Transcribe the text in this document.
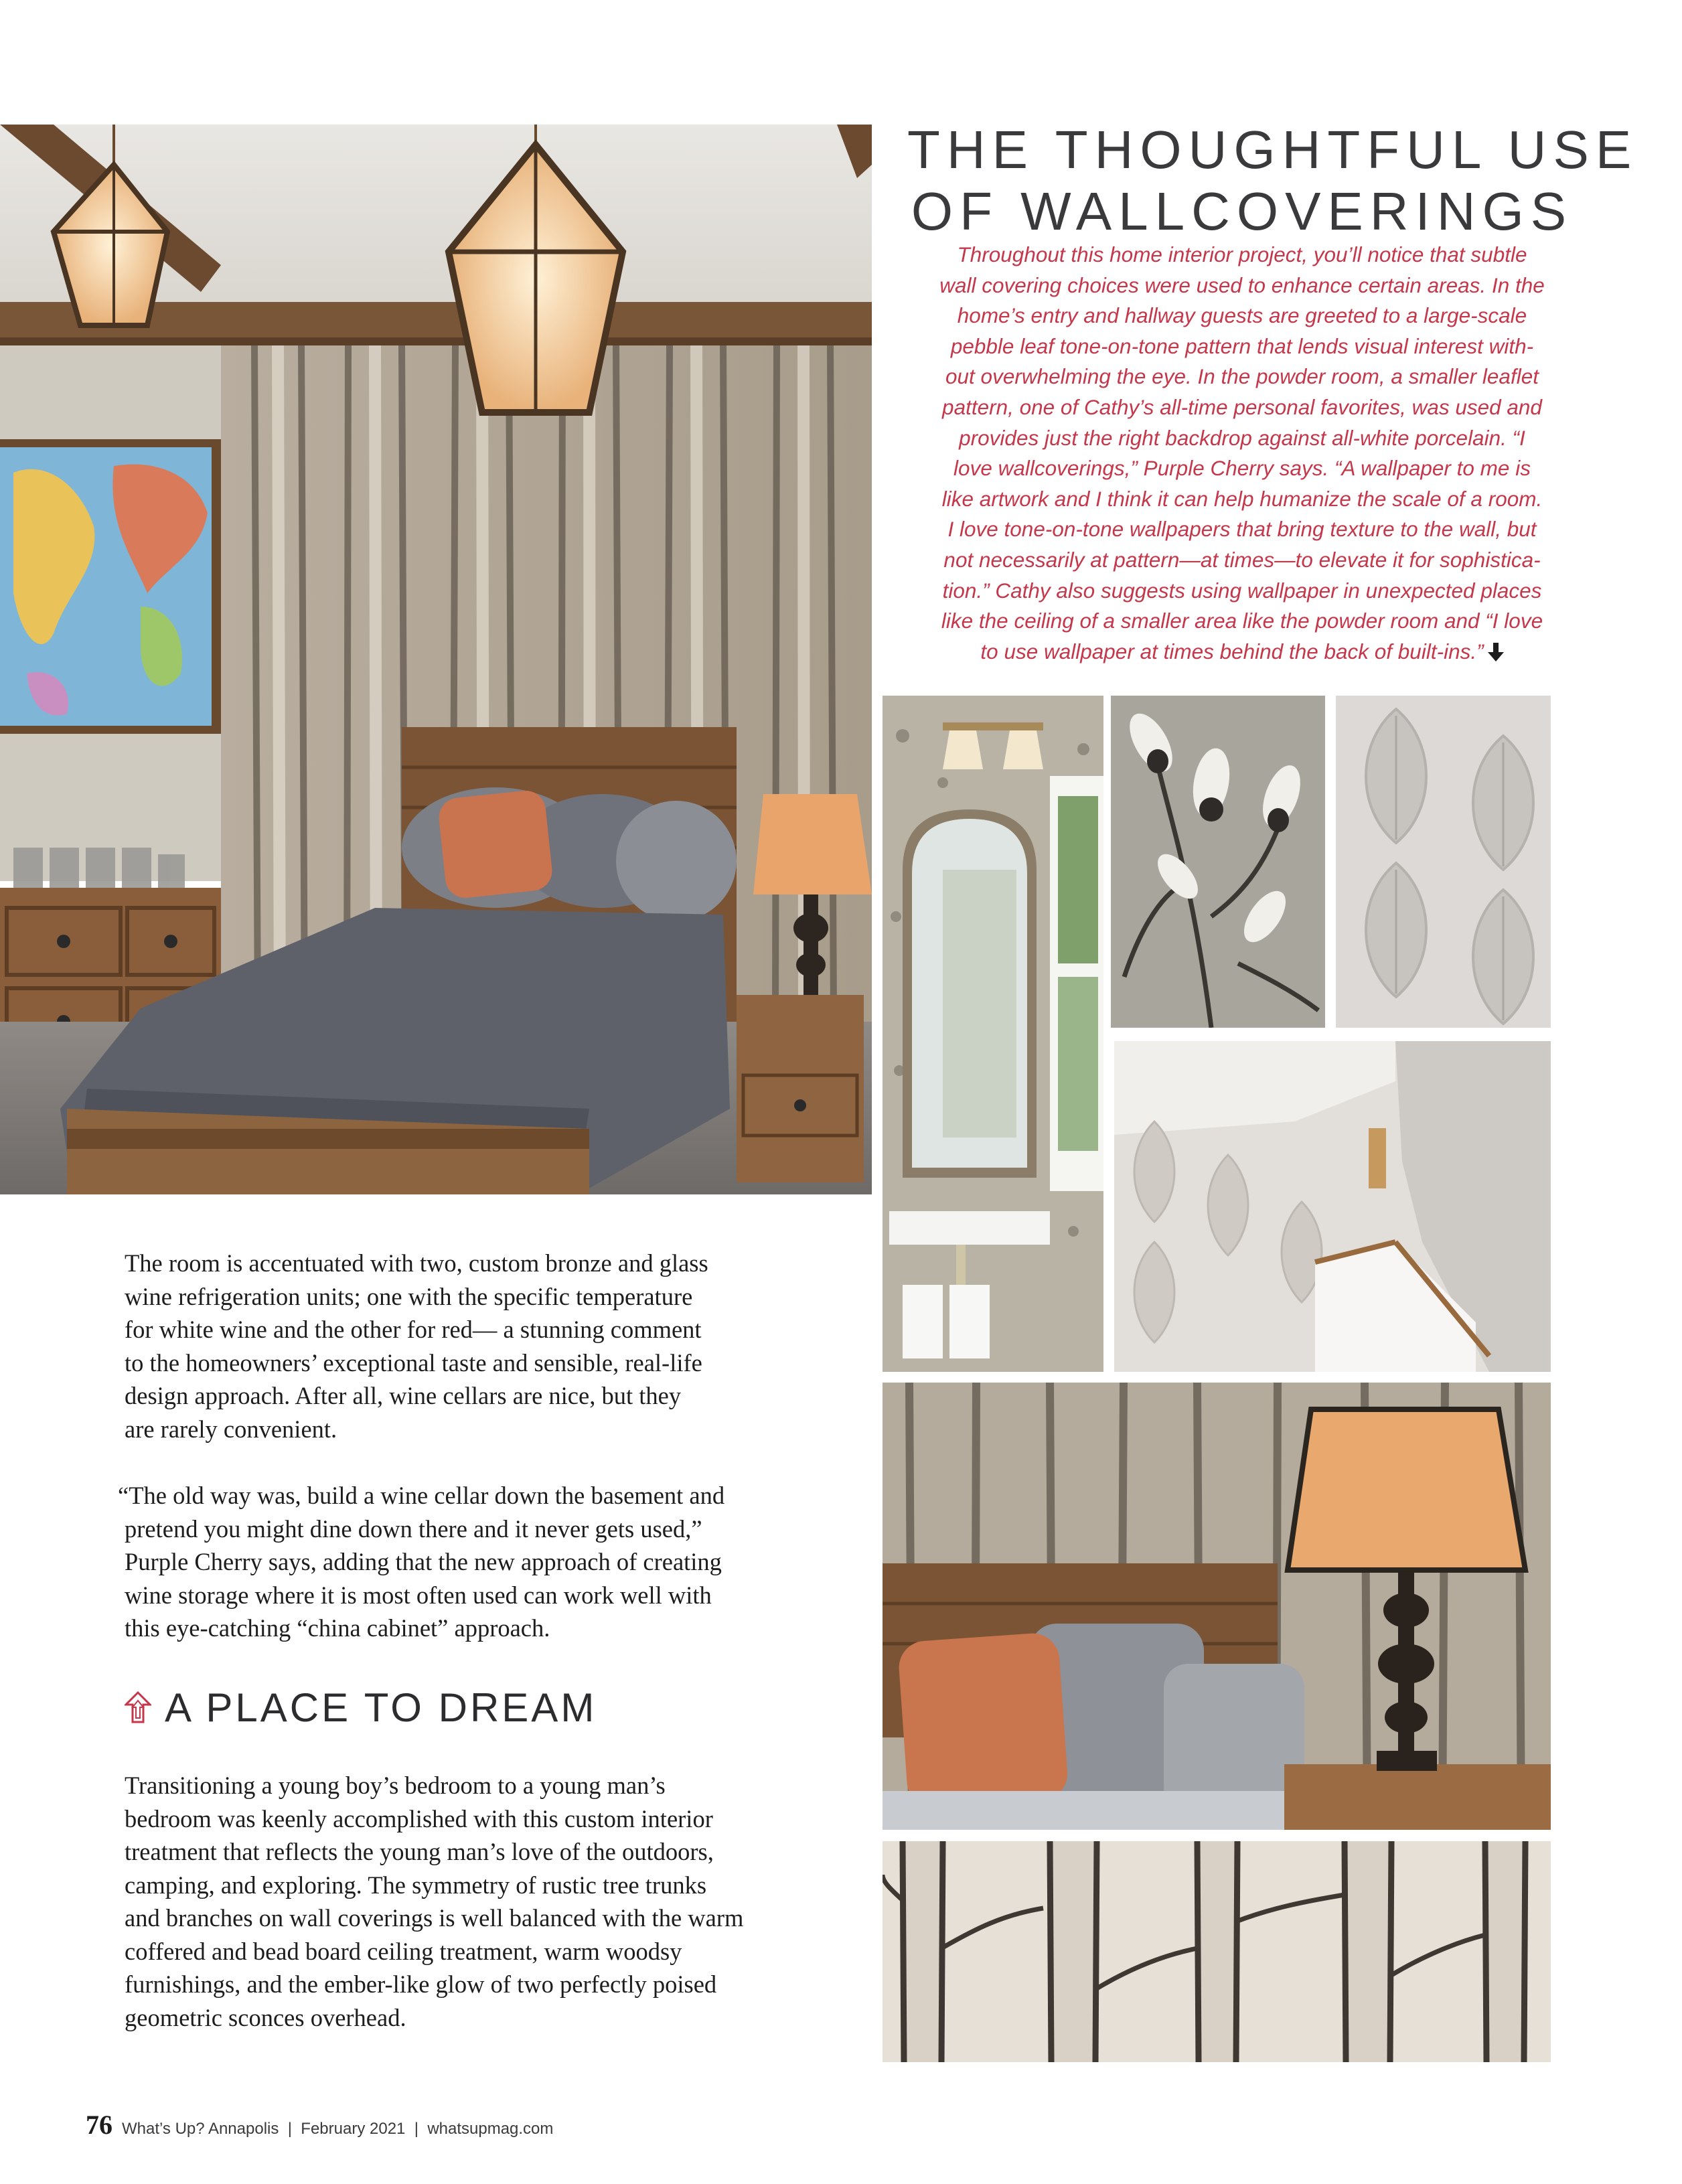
THE THOUGHTFUL USE
OF WALLCOVERINGS
Throughout this home interior project, you’ll notice that subtle
wall covering choices were used to enhance certain areas. In the
home’s entry and hallway guests are greeted to a large-scale
pebble leaf tone-on-tone pattern that lends visual interest with-
out overwhelming the eye. In the powder room, a smaller leaflet
pattern, one of Cathy’s all-time personal favorites, was used and
provides just the right backdrop against all-white porcelain. “I
love wallcoverings,” Purple Cherry says. “A wallpaper to me is
like artwork and I think it can help humanize the scale of a room.
I love tone-on-tone wallpapers that bring texture to the wall, but
not necessarily at pattern—at times—to elevate it for sophistica-
tion.” Cathy also suggests using wallpaper in unexpected places
like the ceiling of a smaller area like the powder room and “I love
to use wallpaper at times behind the back of built-ins.”
The room is accentuated with two, custom bronze and glass
wine refrigeration units; one with the specific temperature
for white wine and the other for red— a stunning comment
to the homeowners’ exceptional taste and sensible, real-life
design approach. After all, wine cellars are nice, but they
are rarely convenient.
“The old way was, build a wine cellar down the basement and
pretend you might dine down there and it never gets used,”
Purple Cherry says, adding that the new approach of creating
wine storage where it is most often used can work well with
this eye-catching “china cabinet” approach.
A PLACE TO DREAM
Transitioning a young boy’s bedroom to a young man’s
bedroom was keenly accomplished with this custom interior
treatment that reflects the young man’s love of the outdoors,
camping, and exploring. The symmetry of rustic tree trunks
and branches on wall coverings is well balanced with the warm
coffered and bead board ceiling treatment, warm woodsy
furnishings, and the ember-like glow of two perfectly poised
geometric sconces overhead.
76 What’s Up? Annapolis | February 2021 | whatsupmag.com
